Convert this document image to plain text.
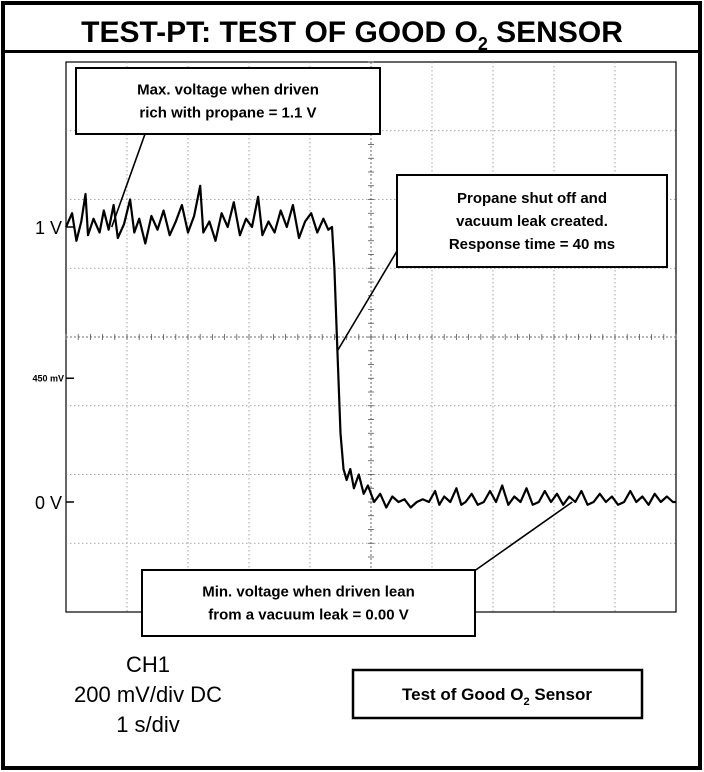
TEST-PT: TEST OF GOOD $O_2$ SENSOR
1 V
450 mV
0 V
Max. voltage when driven
rich with propane = 1.1 V
Propane shut off and
vacuum leak created.
Response time = 40 ms
Min. voltage when driven lean
from a vacuum leak = 0.00 V
CH1
200 mV/div DC
1 s/div
Test of Good $O_2$ Sensor
